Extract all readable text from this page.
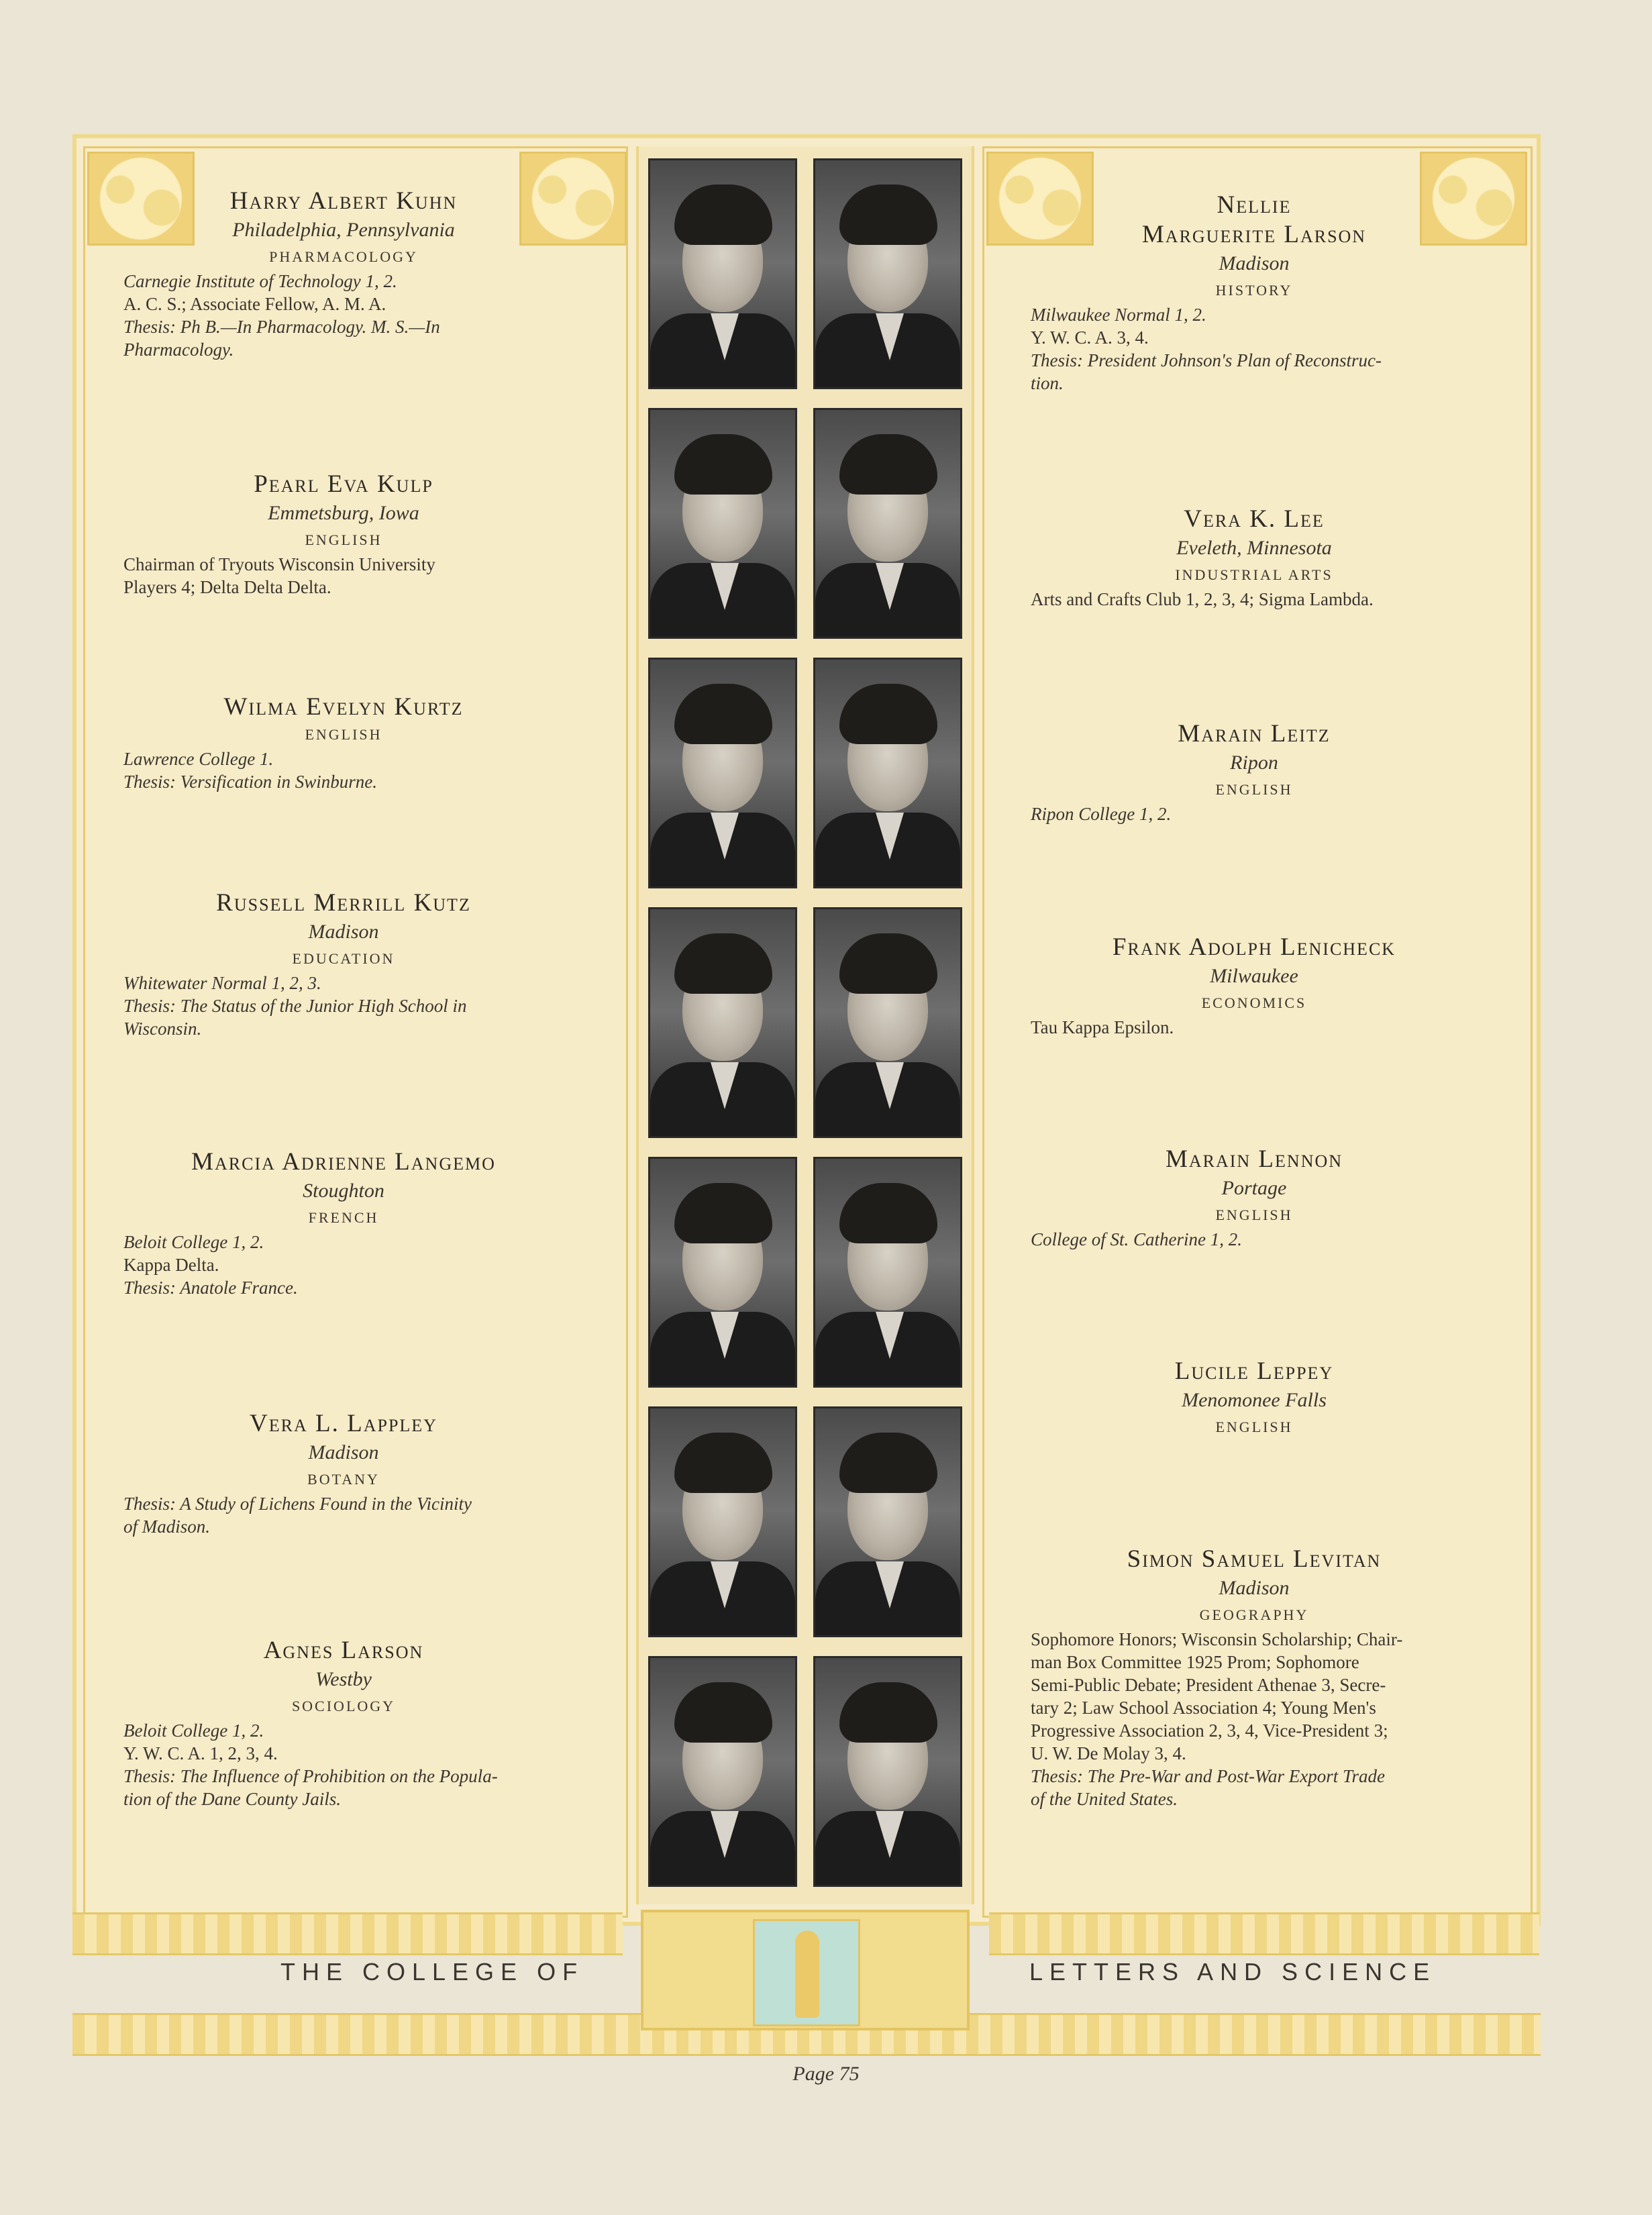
Harry Albert Kuhn
Philadelphia, Pennsylvania
PHARMACOLOGY

Carnegie Institute of Technology 1, 2.

A. C. S.; Associate Fellow, A. M. A.

Thesis: Ph B.—In Pharmacology. M. S.—In

Pharmacology.

Pearl Eva Kulp
Emmetsburg, Iowa
ENGLISH

Chairman of Tryouts Wisconsin University

Players 4; Delta Delta Delta.

Wilma Evelyn Kurtz
ENGLISH

Lawrence College 1.

Thesis: Versification in Swinburne.

Russell Merrill Kutz
Madison
EDUCATION

Whitewater Normal 1, 2, 3.

Thesis: The Status of the Junior High School in

Wisconsin.

Marcia Adrienne Langemo
Stoughton
FRENCH

Beloit College 1, 2.

Kappa Delta.

Thesis: Anatole France.

Vera L. Lappley
Madison
BOTANY

Thesis: A Study of Lichens Found in the Vicinity

of Madison.

Agnes Larson
Westby
SOCIOLOGY

Beloit College 1, 2.

Y. W. C. A. 1, 2, 3, 4.

Thesis: The Influence of Prohibition on the Popula-

tion of the Dane County Jails.

Nellie
Marguerite Larson
Madison
HISTORY

Milwaukee Normal 1, 2.

Y. W. C. A. 3, 4.

Thesis: President Johnson's Plan of Reconstruc-

tion.

Vera K. Lee
Eveleth, Minnesota
INDUSTRIAL ARTS

Arts and Crafts Club 1, 2, 3, 4; Sigma Lambda.

Marain Leitz
Ripon
ENGLISH

Ripon College 1, 2.

Frank Adolph Lenicheck
Milwaukee
ECONOMICS

Tau Kappa Epsilon.

Marain Lennon
Portage
ENGLISH

College of St. Catherine 1, 2.

Lucile Leppey
Menomonee Falls
ENGLISH
Simon Samuel Levitan
Madison
GEOGRAPHY

Sophomore Honors; Wisconsin Scholarship; Chair-

man Box Committee 1925 Prom; Sophomore

Semi-Public Debate; President Athenae 3, Secre-

tary 2; Law School Association 4; Young Men's

Progressive Association 2, 3, 4, Vice-President 3;

U. W. De Molay 3, 4.

Thesis: The Pre-War and Post-War Export Trade

of the United States.

THE COLLEGE OF	LETTERS AND SCIENCE
Page 75
